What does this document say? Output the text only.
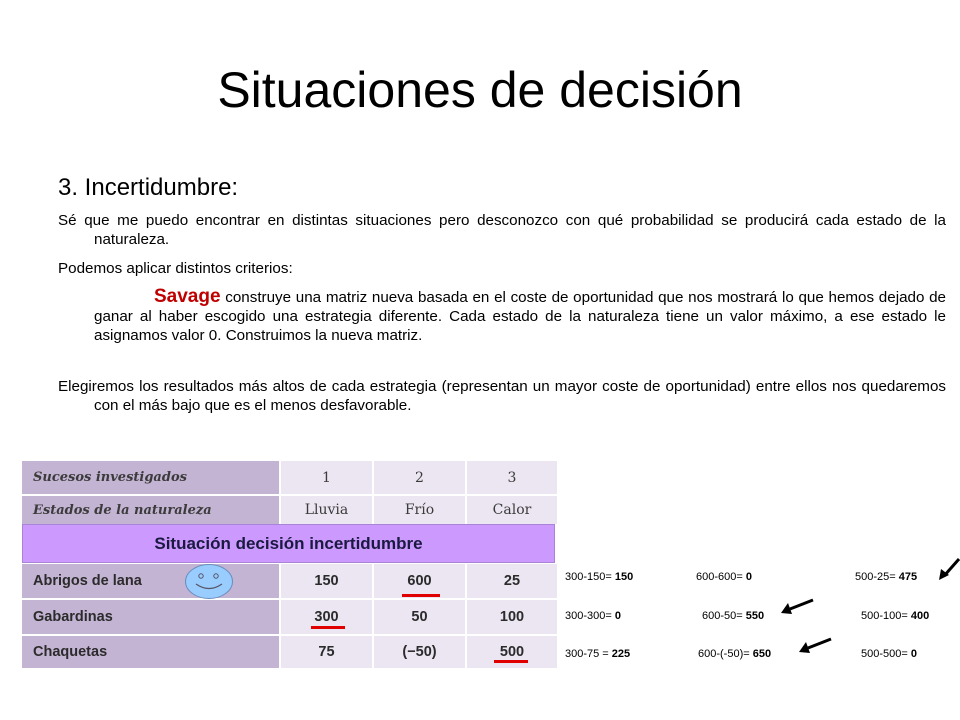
Situaciones de decisión
3. Incertidumbre:
Sé que me puedo encontrar en distintas situaciones pero desconozco con qué probabilidad se producirá cada estado de la naturaleza.
Podemos aplicar distintos criterios:
Savage construye una matriz nueva basada en el coste de oportunidad que nos mostrará lo que hemos dejado de ganar al haber escogido una estrategia diferente. Cada estado de la naturaleza tiene un valor máximo, a ese estado le asignamos valor 0. Construimos la nueva matriz.
Elegiremos los resultados más altos de cada estrategia (representan un mayor coste de oportunidad) entre ellos nos quedaremos con el más bajo que es el menos desfavorable.
Sucesos investigados	1	2	3
Estados de la naturaleza	Lluvia	Frío	Calor
Abrigos de lana	150	600	25
Gabardinas	300	50	100
Chaquetas	75	(−50)	500
Situación decisión incertidumbre
300-150= 150	600-600= 0	500-25= 475
300-300= 0	600-50= 550	500-100= 400
300-75 = 225	600-(-50)= 650	500-500= 0
